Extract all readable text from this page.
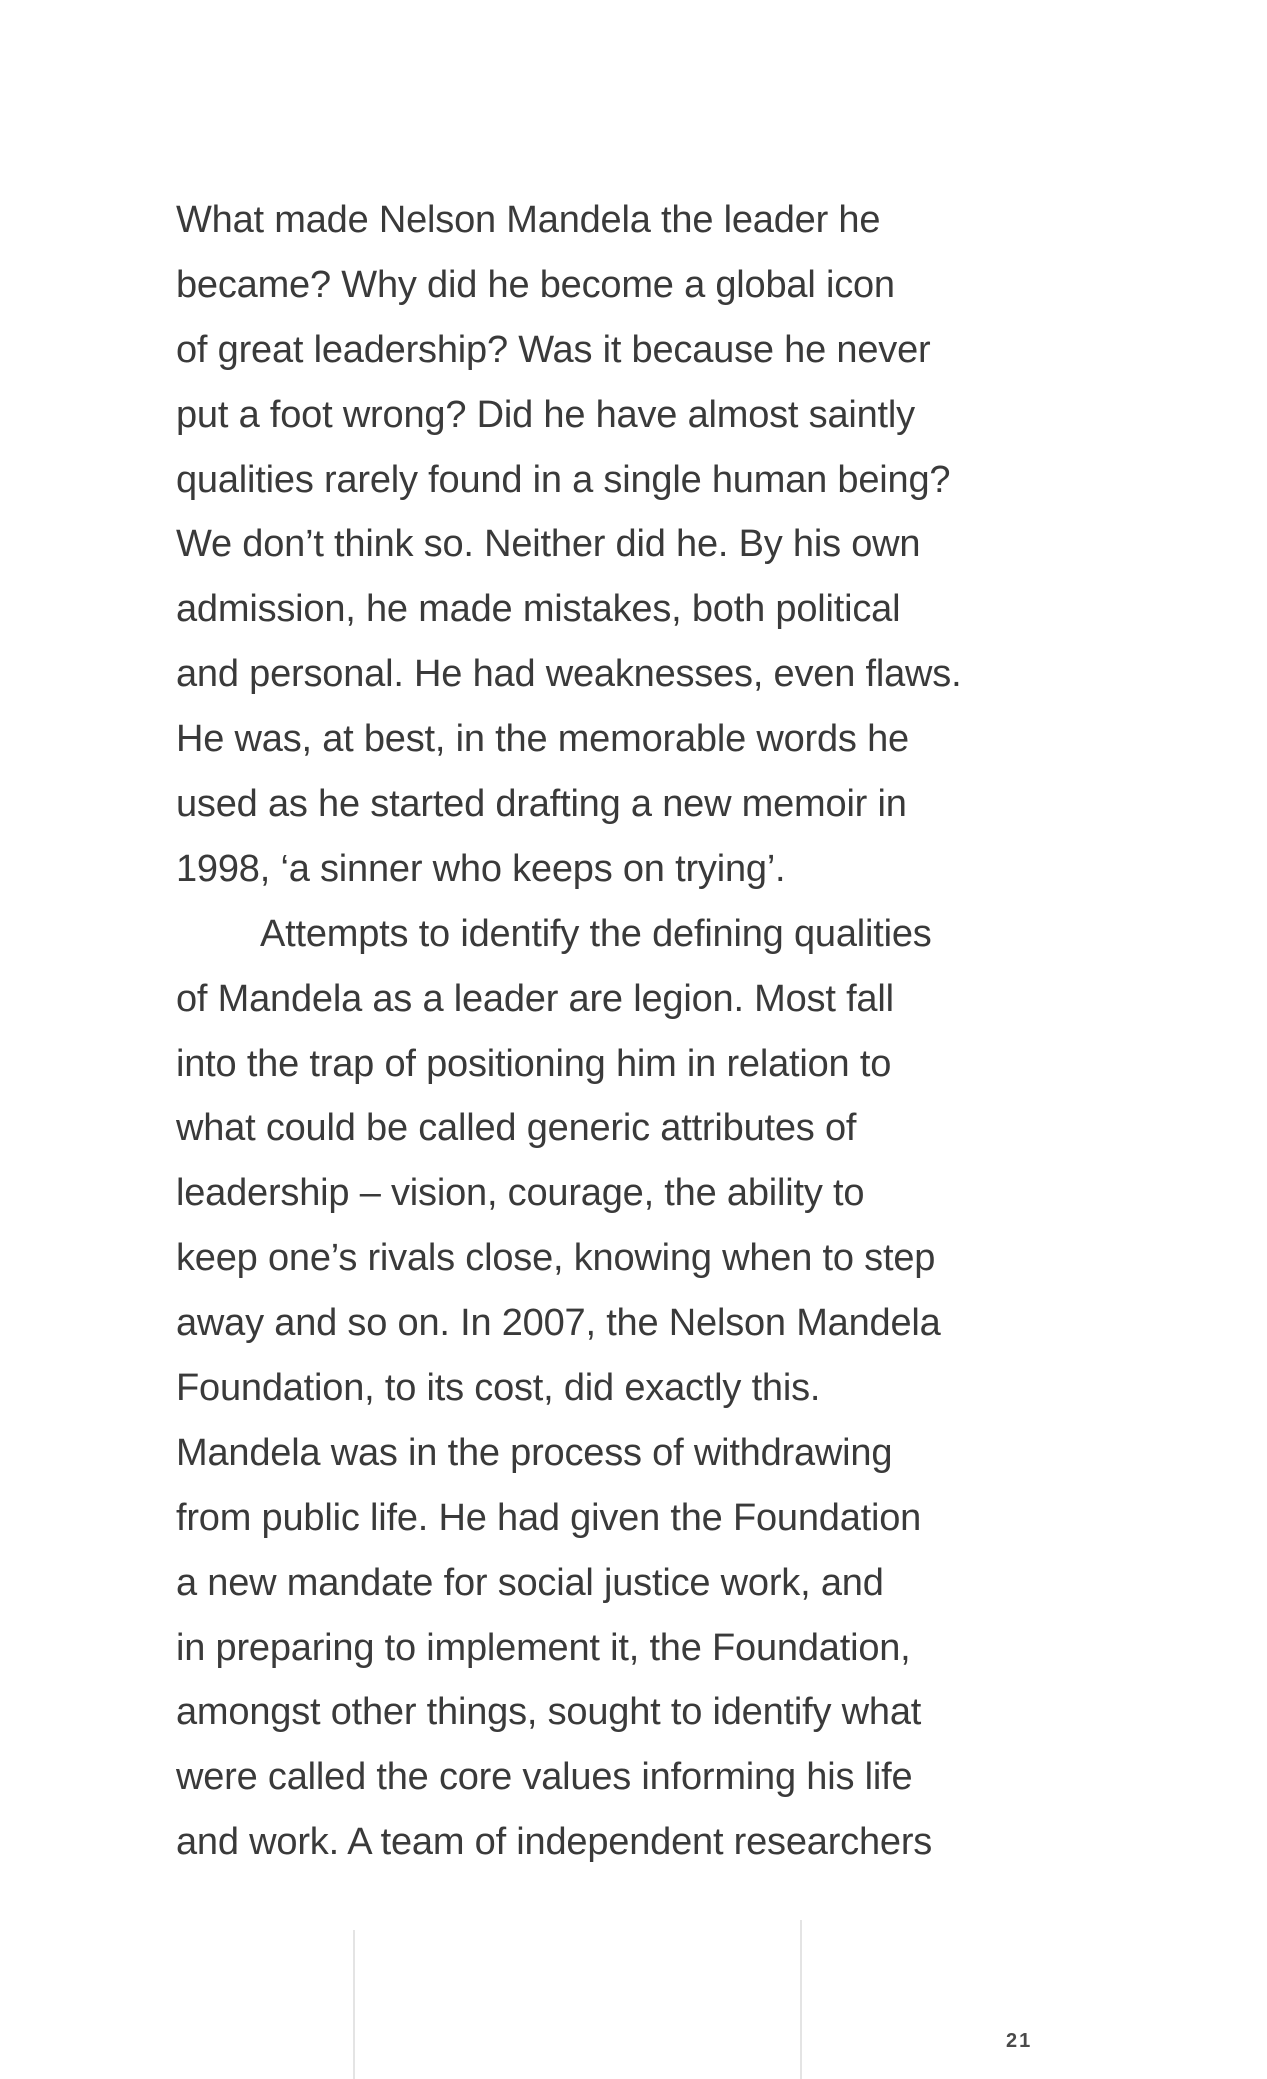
What made Nelson Mandela the leader he
became? Why did he become a global icon
of great leadership? Was it because he never
put a foot wrong? Did he have almost saintly
qualities rarely found in a single human being?
We don’t think so. Neither did he. By his own
admission, he made mistakes, both political
and personal. He had weaknesses, even flaws.
He was, at best, in the memorable words he
used as he started drafting a new memoir in
1998, ‘a sinner who keeps on trying’.
Attempts to identify the defining qualities
of Mandela as a leader are legion. Most fall
into the trap of positioning him in relation to
what could be called generic attributes of
leadership – vision, courage, the ability to
keep one’s rivals close, knowing when to step
away and so on. In 2007, the Nelson Mandela
Foundation, to its cost, did exactly this.
Mandela was in the process of withdrawing
from public life. He had given the Foundation
a new mandate for social justice work, and
in preparing to implement it, the Foundation,
amongst other things, sought to identify what
were called the core values informing his life
and work. A team of independent researchers
21
